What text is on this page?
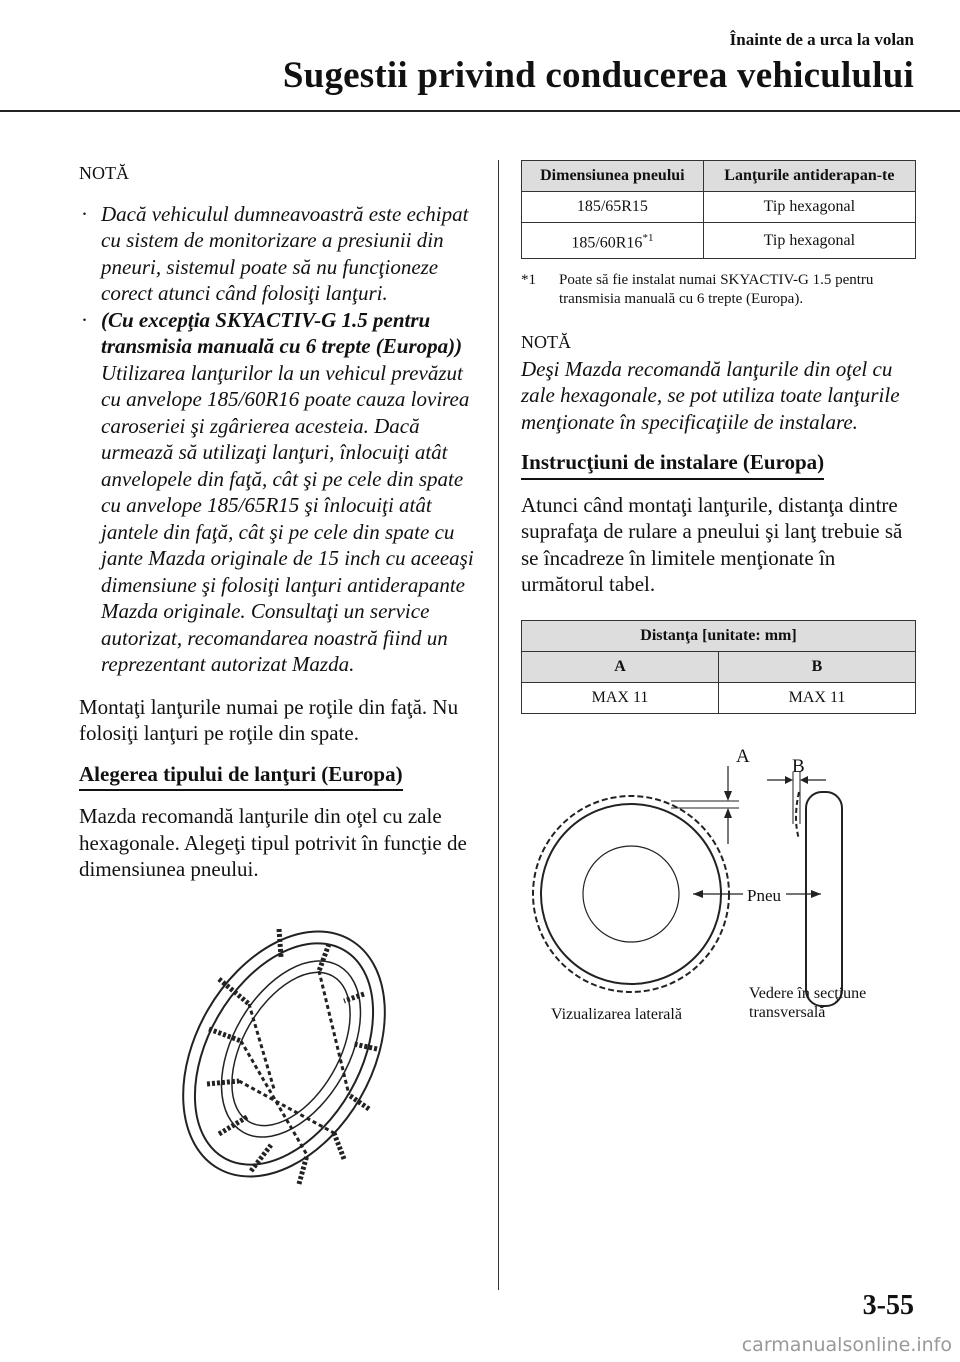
Înainte de a urca la volan
Sugestii privind conducerea vehiculului
NOTĂ
· Dacă vehiculul dumneavoastră este echipat cu sistem de monitorizare a presiunii din pneuri, sistemul poate să nu funcţioneze corect atunci când folosiţi lanţuri.
· (Cu excepţia SKYACTIV-G 1.5 pentru transmisia manuală cu 6 trepte (Europa))
Utilizarea lanţurilor la un vehicul prevăzut cu anvelope 185/60R16 poate cauza lovirea caroseriei şi zgârierea acesteia. Dacă urmează să utilizaţi lanţuri, înlocuiţi atât anvelopele din faţă, cât şi pe cele din spate cu anvelope 185/65R15 şi înlocuiţi atât jantele din faţă, cât şi pe cele din spate cu jante Mazda originale de 15 inch cu aceeaşi dimensiune şi folosiţi lanţuri antiderapante Mazda originale. Consultaţi un service autorizat, recomandarea noastră fiind un reprezentant autorizat Mazda.

Montaţi lanţurile numai pe roţile din faţă. Nu folosiţi lanţuri pe roţile din spate.

Alegerea tipului de lanţuri (Europa)

Mazda recomandă lanţurile din oţel cu zale hexagonale. Alegeţi tipul potrivit în funcţie de dimensiunea pneului.

Dimensiunea pneului	Lanţurile antiderapan-te
185/65R15	Tip hexagonal
185/60R16$^{*1}$	Tip hexagonal
*1 Poate să fie instalat numai SKYACTIV-G 1.5 pentru transmisia manuală cu 6 trepte (Europa).
NOTĂ

Deşi Mazda recomandă lanţurile din oţel cu zale hexagonale, se pot utiliza toate lanţurile menţionate în specificaţiile de instalare.

Instrucţiuni de instalare (Europa)

Atunci când montaţi lanţurile, distanţa dintre suprafaţa de rulare a pneului şi lanţ trebuie să se încadreze în limitele menţionate în următorul tabel.

Distanţa [unitate: mm]	
A	B
MAX 11	MAX 11
A B
Pneu
Vizualizarea laterală
Vedere în secţiune
transversală
3-55
carmanualsonline.info
